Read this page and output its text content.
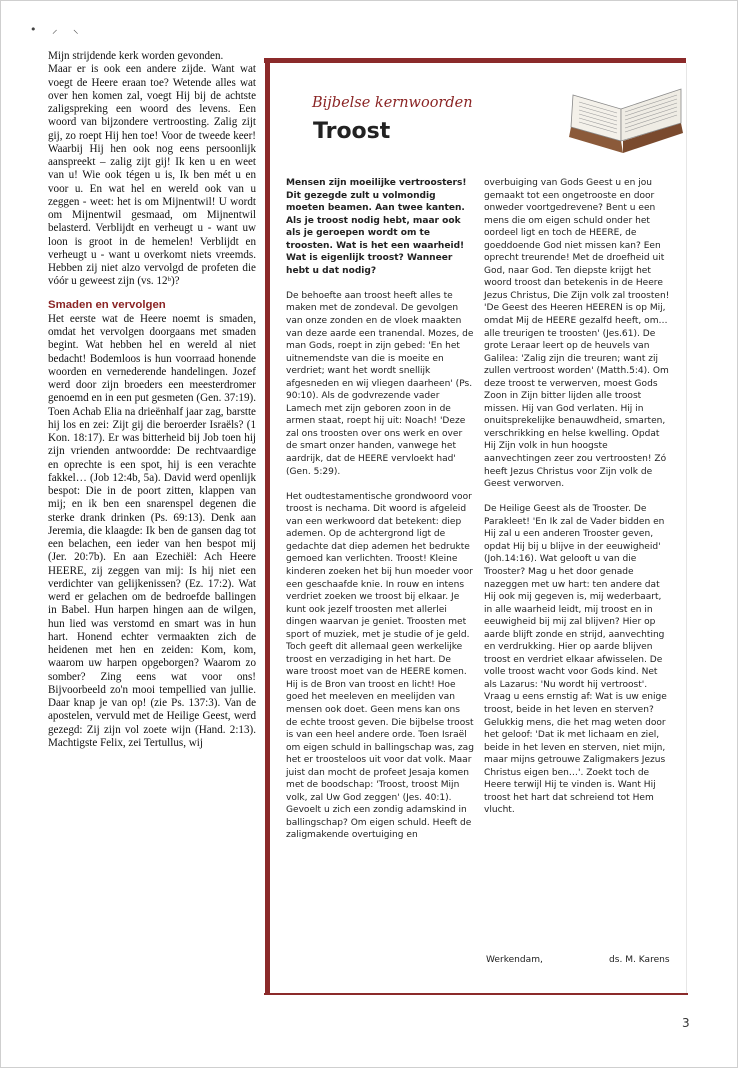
• ⸝ ⸜

Mijn strijdende kerk worden gevonden.

Maar er is ook een andere zijde. Want wat voegt de Heere eraan toe? Wetende alles wat over hen komen zal, voegt Hij bij de achtste zaligspreking een woord des levens. Een woord van bijzondere vertroosting. Zalig zijt gij, zo roept Hij hen toe! Voor de tweede keer! Waarbij Hij hen ook nog eens persoonlijk aanspreekt – zalig zijt gij! Ik ken u en weet van u! Wie ook tégen u is, Ik ben mét u en voor u. En wat hel en wereld ook van u zeggen - weet: het is om Mijnentwil! U wordt om Mijnentwil gesmaad, om Mijnentwil belasterd. Verblijdt en verheugt u - want uw loon is groot in de hemelen! Verblijdt en verheugt u - want u overkomt niets vreemds. Hebben zij niet alzo vervolgd de profeten die vóór u geweest zijn (vs. 12ᵇ)?

Smaden en vervolgen

Het eerste wat de Heere noemt is smaden, omdat het vervolgen doorgaans met smaden begint. Wat hebben hel en wereld al niet bedacht! Bodemloos is hun voorraad honende woorden en vernederende handelingen. Jozef werd door zijn broeders een meesterdromer genoemd en in een put gesmeten (Gen. 37:19). Toen Achab Elia na drieënhalf jaar zag, barstte hij los en zei: Zijt gij die beroerder Israëls? (1 Kon. 18:17). Er was bitterheid bij Job toen hij zijn vrienden antwoordde: De rechtvaardige en oprechte is een spot, hij is een verachte fakkel… (Job 12:4b, 5a). David werd openlijk bespot: Die in de poort zitten, klappen van mij; en ik ben een snarenspel degenen die sterke drank drinken (Ps. 69:13). Denk aan Jeremia, die klaagde: Ik ben de gansen dag tot een belachen, een ieder van hen bespot mij (Jer. 20:7b). En aan Ezechiël: Ach Heere HEERE, zij zeggen van mij: Is hij niet een verdichter van gelijkenissen? (Ez. 17:2). Wat werd er gelachen om de bedroefde ballingen in Babel. Hun harpen hingen aan de wilgen, hun lied was verstomd en smart was in hun hart. Honend echter vermaakten zich de heidenen met hen en zeiden: Kom, kom, waarom uw harpen opgeborgen? Waarom zo somber? Zing eens wat voor ons! Bijvoorbeeld zo'n mooi tempellied van jullie. Daar knap je van op! (zie Ps. 137:3). Van de apostelen, vervuld met de Heilige Geest, werd gezegd: Zij zijn vol zoete wijn (Hand. 2:13). Machtigste Felix, zei Tertullus, wij

Bijbelse kernwoorden
Troost

Mensen zijn moeilijke vertroosters! Dit gezegde zult u volmondig moeten beamen. Aan twee kanten. Als je troost nodig hebt, maar ook als je geroepen wordt om te troosten. Wat is het een waarheid! Wat is eigenlijk troost? Wanneer hebt u dat nodig?

De behoefte aan troost heeft alles te maken met de zondeval. De gevolgen van onze zonden en de vloek maakten van deze aarde een tranendal. Mozes, de man Gods, roept in zijn gebed: 'En het uitnemendste van die is moeite en verdriet; want het wordt snellijk afgesneden en wij vliegen daarheen' (Ps. 90:10). Als de godvrezende vader Lamech met zijn geboren zoon in de armen staat, roept hij uit: Noach! 'Deze zal ons troosten over ons werk en over de smart onzer handen, vanwege het aardrijk, dat de HEERE vervloekt had' (Gen. 5:29).

Het oudtestamentische grondwoord voor troost is nechama. Dit woord is afgeleid van een werkwoord dat betekent: diep ademen. Op de achtergrond ligt de gedachte dat diep ademen het bedrukte gemoed kan verlichten. Troost! Kleine kinderen zoeken het bij hun moeder voor een geschaafde knie. In rouw en intens verdriet zoeken we troost bij elkaar. Je kunt ook jezelf troosten met allerlei dingen waarvan je geniet. Troosten met sport of muziek, met je studie of je geld. Toch geeft dit allemaal geen werkelijke troost en verzadiging in het hart. De ware troost moet van de HEERE komen. Hij is de Bron van troost en licht! Hoe goed het meeleven en meelijden van mensen ook doet. Geen mens kan ons de echte troost geven. Die bijbelse troost is van een heel andere orde. Toen Israël om eigen schuld in ballingschap was, zag het er troosteloos uit voor dat volk. Maar juist dan mocht de profeet Jesaja komen met de boodschap: 'Troost, troost Mijn volk, zal Uw God zeggen' (Jes. 40:1). Gevoelt u zich een zondig adamskind in ballingschap? Om eigen schuld. Heeft de zaligmakende overtuiging en

overbuiging van Gods Geest u en jou gemaakt tot een ongetrooste en door onweder voortgedrevene? Bent u een mens die om eigen schuld onder het oordeel ligt en toch de HEERE, de goeddoende God niet missen kan? Een oprecht treurende! Met de droefheid uit God, naar God. Ten diepste krijgt het woord troost dan betekenis in de Heere Jezus Christus, Die Zijn volk zal troosten! 'De Geest des Heeren HEEREN is op Mij, omdat Mij de HEERE gezalfd heeft, om… alle treurigen te troosten' (Jes.61). De grote Leraar leert op de heuvels van Galilea: 'Zalig zijn die treuren; want zij zullen vertroost worden' (Matth.5:4). Om deze troost te verwerven, moest Gods Zoon in Zijn bitter lijden alle troost missen. Hij van God verlaten. Hij in onuitsprekelijke benauwdheid, smarten, verschrikking en helse kwelling. Opdat Hij Zijn volk in hun hoogste aanvechtingen zeer zou vertroosten! Zó heeft Jezus Christus voor Zijn volk de Geest verworven.

De Heilige Geest als de Trooster. De Parakleet! 'En Ik zal de Vader bidden en Hij zal u een anderen Trooster geven, opdat Hij bij u blijve in der eeuwigheid' (Joh.14:16). Wat gelooft u van die Trooster? Mag u het door genade nazeggen met uw hart: ten andere dat Hij ook mij gegeven is, mij wederbaart, in alle waarheid leidt, mij troost en in eeuwigheid bij mij zal blijven? Hier op aarde blijft zonde en strijd, aanvechting en verdrukking. Hier op aarde blijven troost en verdriet elkaar afwisselen. De volle troost wacht voor Gods kind. Net als Lazarus: 'Nu wordt hij vertroost'. Vraag u eens ernstig af: Wat is uw enige troost, beide in het leven en sterven? Gelukkig mens, die het mag weten door het geloof: 'Dat ik met lichaam en ziel, beide in het leven en sterven, niet mijn, maar mijns getrouwe Zaligmakers Jezus Christus eigen ben…'. Zoekt toch de Heere terwijl Hij te vinden is. Want Hij troost het hart dat schreiend tot Hem vlucht.

Werkendam,	ds. M. Karens
3
